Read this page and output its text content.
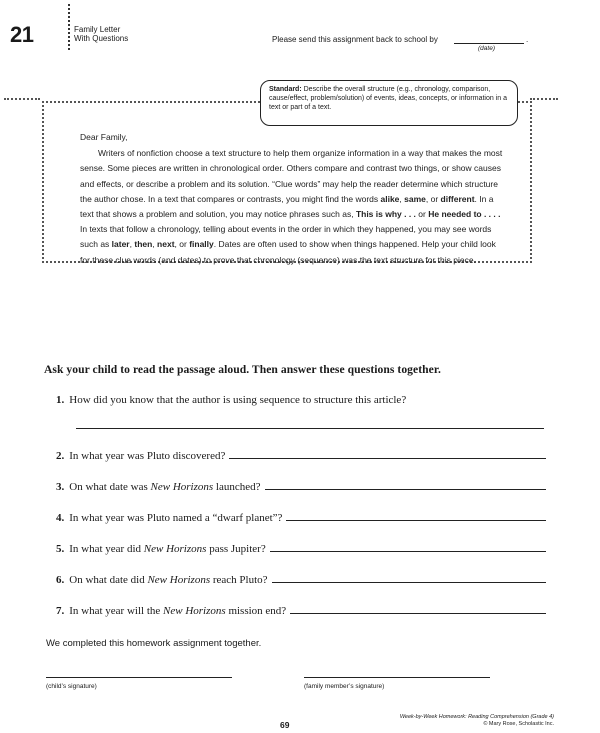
21	Family Letter
With Questions	Please send this assignment back to school by	.
(date)
Standard: Describe the overall structure (e.g., chronology, comparison, cause/effect, problem/solution) of events, ideas, concepts, or information in a text or part of a text.

Dear Family,

Writers of nonfiction choose a text structure to help them organize information in a way that makes the most sense. Some pieces are written in chronological order. Others compare and contrast two things, or show causes and effects, or describe a problem and its solution. “Clue words” may help the reader determine which structure the author chose. In a text that compares or contrasts, you might find the words alike, same, or different. In a text that shows a problem and solution, you may notice phrases such as, This is why . . . or He needed to . . . . In texts that follow a chronology, telling about events in the order in which they happened, you may see words such as later, then, next, or finally. Dates are often used to show when things happened. Help your child look for these clue words (and dates) to prove that chronology (sequence) was the text structure for this piece.

Ask your child to read the passage aloud. Then answer these questions together.
1. How did you know that the author is using sequence to structure this article?
2. In what year was Pluto discovered?
3. On what date was New Horizons launched?
4. In what year was Pluto named a “dwarf planet”?
5. In what year did New Horizons pass Jupiter?
6. On what date did New Horizons reach Pluto?
7. In what year will the New Horizons mission end?
We completed this homework assignment together.
(child’s signature)	(family member’s signature)
69
Week-by-Week Homework: Reading Comprehension (Grade 4)
© Mary Rose, Scholastic Inc.
